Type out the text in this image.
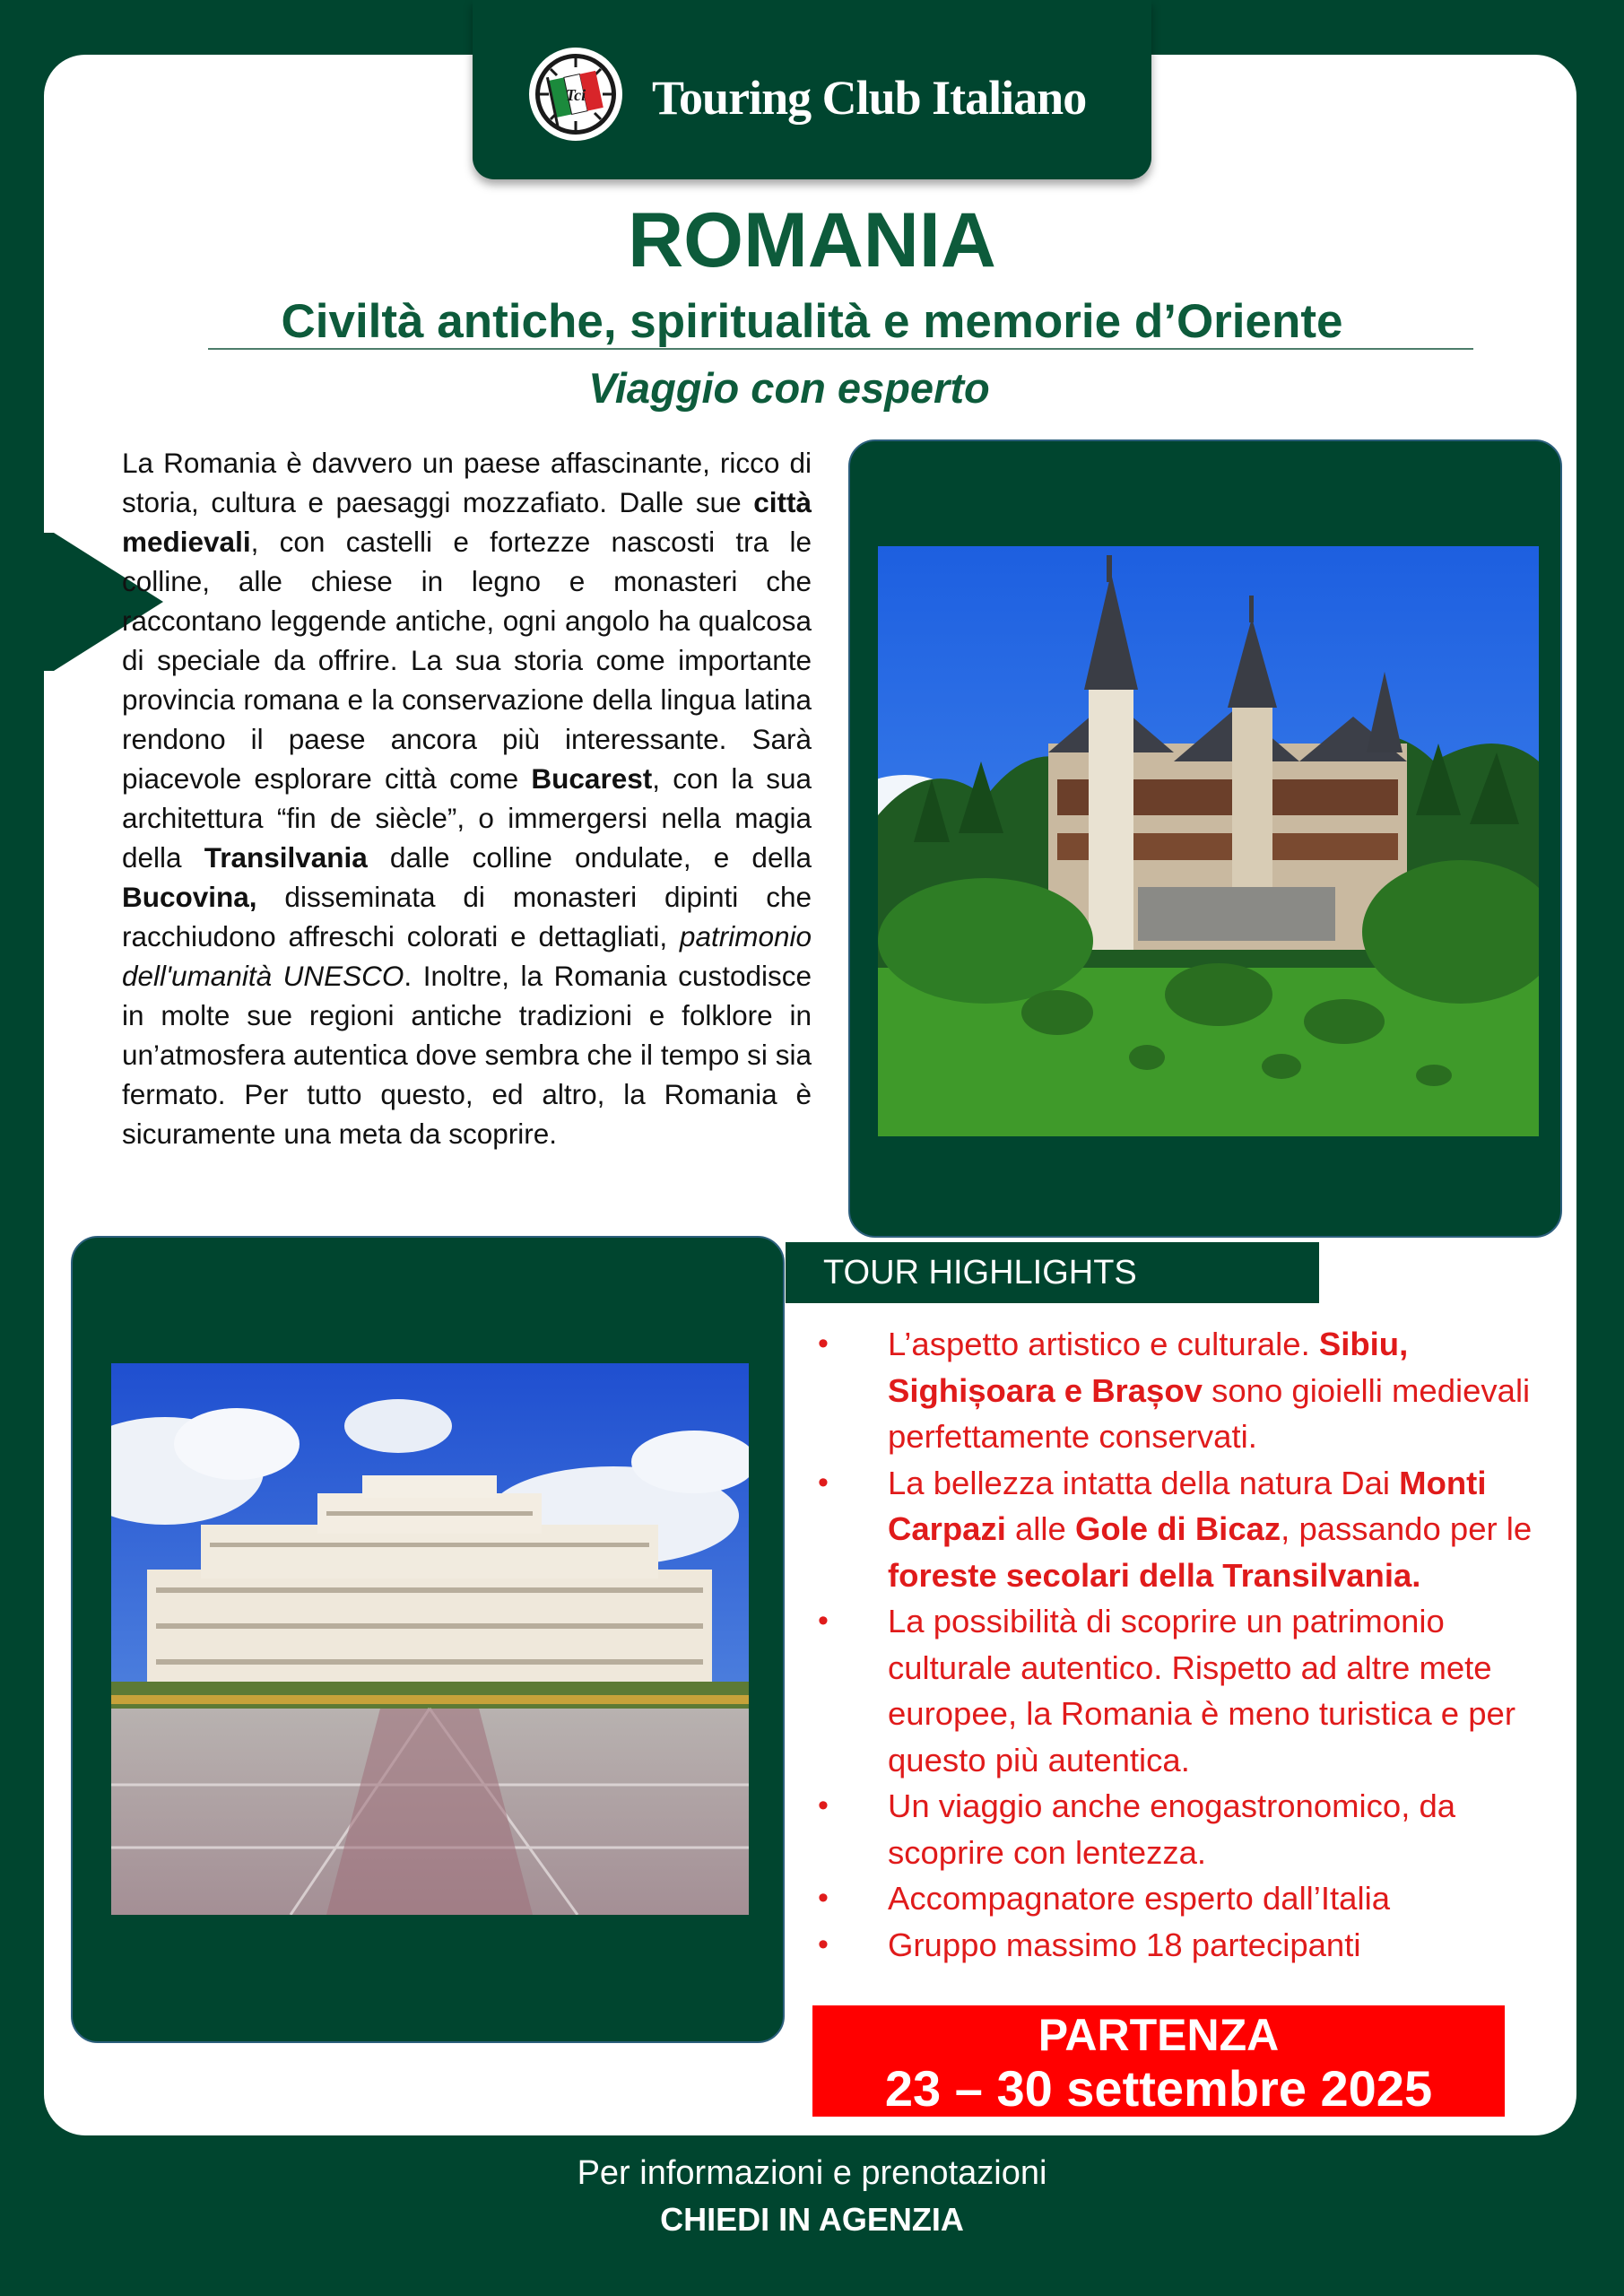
Tci Touring Club Italiano
ROMANIA
Civiltà antiche, spiritualità e memorie d’Oriente
Viaggio con esperto
La Romania è davvero un paese affascinante, ricco di storia, cultura e paesaggi mozzafiato. Dalle sue città medievali, con castelli e fortezze nascosti tra le colline, alle chiese in legno e monasteri che raccontano leggende antiche, ogni angolo ha qualcosa di speciale da offrire. La sua storia come importante provincia romana e la conservazione della lingua latina rendono il paese ancora più interessante. Sarà piacevole esplorare città come Bucarest, con la sua architettura “fin de siècle”, o immergersi nella magia della Transilvania dalle colline ondulate, e della Bucovina, disseminata di monasteri dipinti che racchiudono affreschi colorati e dettagliati, patrimonio dell'umanità UNESCO. Inoltre, la Romania custodisce in molte sue regioni antiche tradizioni e folklore in un’atmosfera autentica dove sembra che il tempo si sia fermato. Per tutto questo, ed altro, la Romania è sicuramente una meta da scoprire.
TOUR HIGHLIGHTS
• L’aspetto artistico e culturale. Sibiu, Sighișoara e Brașov sono gioielli medievali perfettamente conservati.
• La bellezza intatta della natura Dai Monti Carpazi alle Gole di Bicaz, passando per le foreste secolari della Transilvania.
• La possibilità di scoprire un patrimonio culturale autentico. Rispetto ad altre mete europee, la Romania è meno turistica e per questo più autentica.
• Un viaggio anche enogastronomico, da scoprire con lentezza.
• Accompagnatore esperto dall’Italia
• Gruppo massimo 18 partecipanti
PARTENZA
23 – 30 settembre 2025
Per informazioni e prenotazioni
CHIEDI IN AGENZIA
